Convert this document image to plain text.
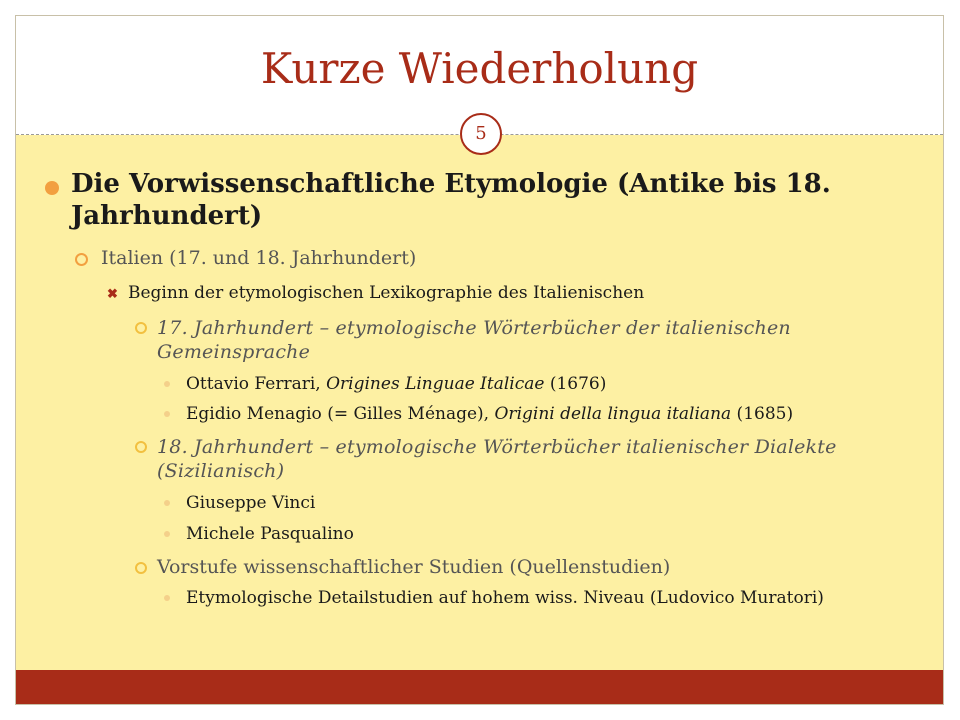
Kurze Wiederholung
5
Die Vorwissenschaftliche Etymologie (Antike bis 18. Jahrhundert)
Italien (17. und 18. Jahrhundert)
✖ Beginn der etymologischen Lexikographie des Italienischen
17. Jahrhundert – etymologische Wörterbücher der italienischen Gemeinsprache
Ottavio Ferrari, Origines Linguae Italicae (1676)
Egidio Menagio (= Gilles Ménage), Origini della lingua italiana (1685)
18. Jahrhundert – etymologische Wörterbücher italienischer Dialekte (Sizilianisch)
Giuseppe Vinci
Michele Pasqualino
Vorstufe wissenschaftlicher Studien (Quellenstudien)
Etymologische Detailstudien auf hohem wiss. Niveau (Ludovico Muratori)
